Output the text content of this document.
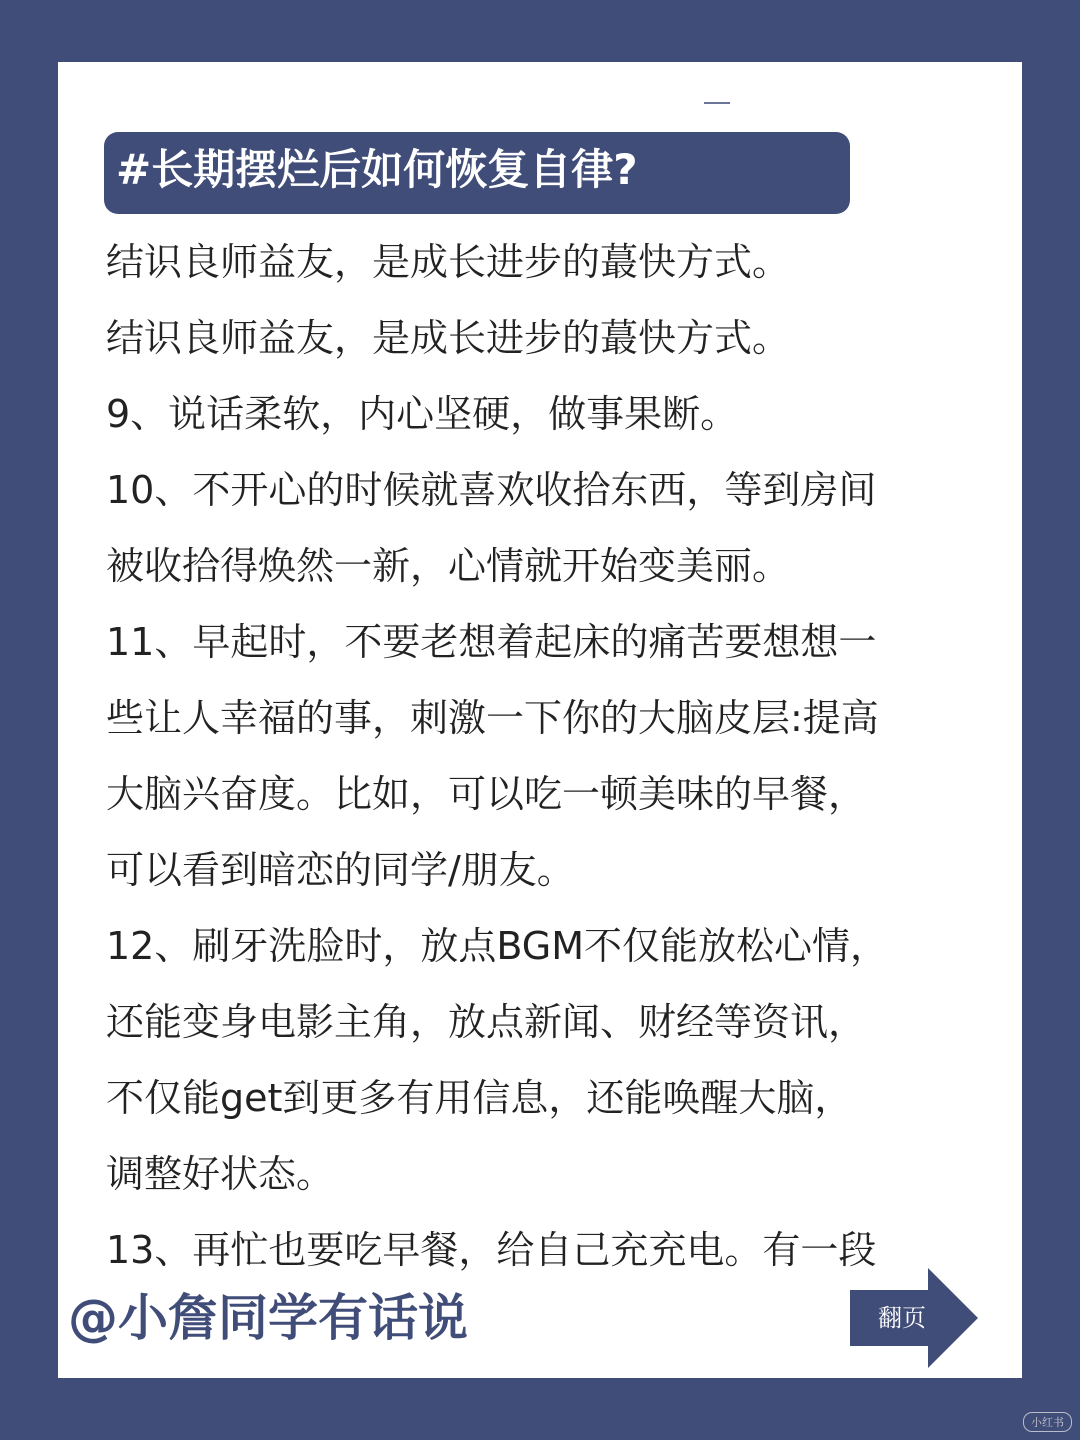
#长期摆烂后如何恢复自律?
结识良师益友，是成长进步的蕞快方式。
结识良师益友，是成长进步的蕞快方式。
9、说话柔软，内心坚硬，做事果断。
10、不开心的时候就喜欢收拾东西，等到房间
被收拾得焕然一新，心情就开始变美丽。
11、早起时，不要老想着起床的痛苦要想想一
些让人幸福的事，刺激一下你的大脑皮层:提高
大脑兴奋度。比如，可以吃一顿美味的早餐，
可以看到暗恋的同学/朋友。
12、刷牙洗脸时，放点BGM不仅能放松心情，
还能变身电影主角，放点新闻、财经等资讯，
不仅能get到更多有用信息，还能唤醒大脑，
调整好状态。
13、再忙也要吃早餐，给自己充充电。有一段
@小詹同学有话说	翻页
小红书
